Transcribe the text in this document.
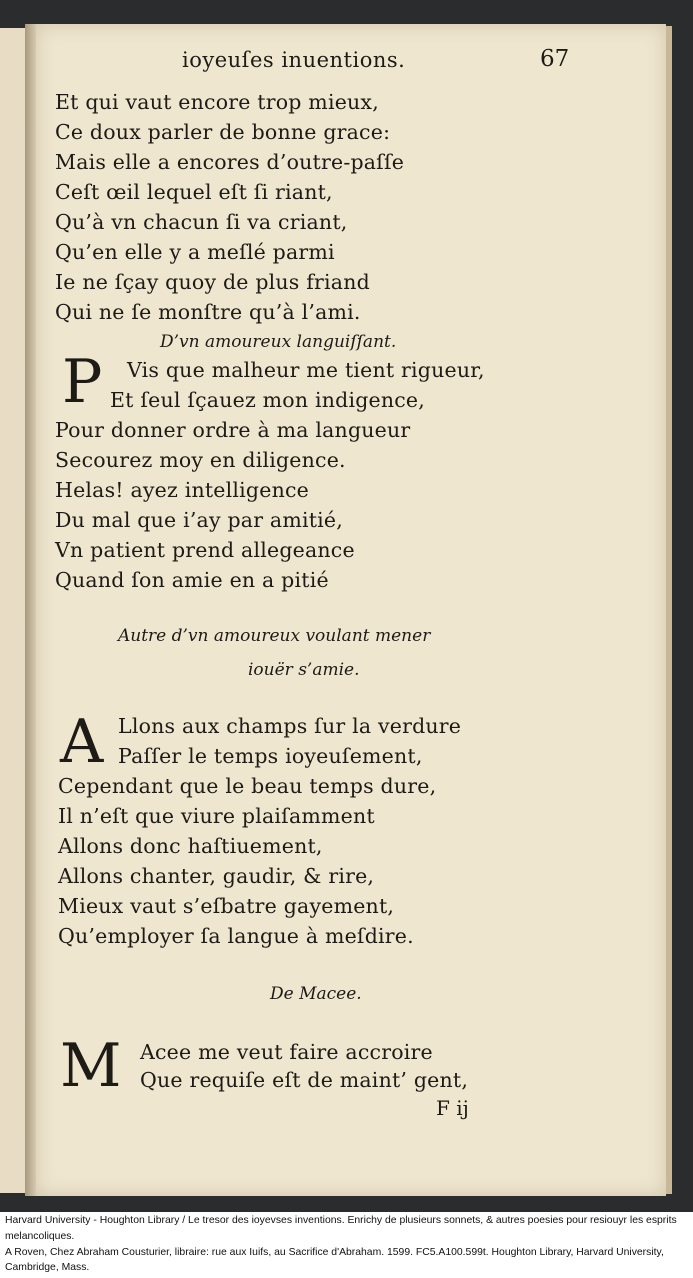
ioyeuſes inuentions.	67
Et qui vaut encore trop mieux,
Ce doux parler de bonne grace:
Mais elle a encores d’outre-paſſe
Ceſt œil lequel eſt ſi riant,
Qu’à vn chacun ſi va criant,
Qu’en elle y a meſlé parmi
Ie ne ſçay quoy de plus friand
Qui ne ſe monſtre qu’à l’ami.
D’vn amoureux languiſſant.
P Vis que malheur me tient rigueur,
Et ſeul ſçauez mon indigence,
Pour donner ordre à ma langueur
Secourez moy en diligence.
Helas! ayez intelligence
Du mal que i’ay par amitié,
Vn patient prend allegeance
Quand ſon amie en a pitié
Autre d’vn amoureux voulant mener
iouër s’amie.
A Llons aux champs ſur la verdure
Paſſer le temps ioyeuſement,
Cependant que le beau temps dure,
Il n’eſt que viure plaiſamment
Allons donc haſtiuement,
Allons chanter, gaudir, & rire,
Mieux vaut s’eſbatre gayement,
Qu’employer ſa langue à meſdire.
De Macee.
M Acee me veut faire accroire
Que requiſe eſt de maint’ gent,
F ij

Harvard University - Houghton Library / Le tresor des ioyevses inventions. Enrichy de plusieurs sonnets, & autres poesies pour resiouyr les esprits melancoliques.

A Roven, Chez Abraham Cousturier, libraire: rue aux Iuifs, au Sacrifice d'Abraham. 1599. FC5.A100.599t. Houghton Library, Harvard University, Cambridge, Mass.
